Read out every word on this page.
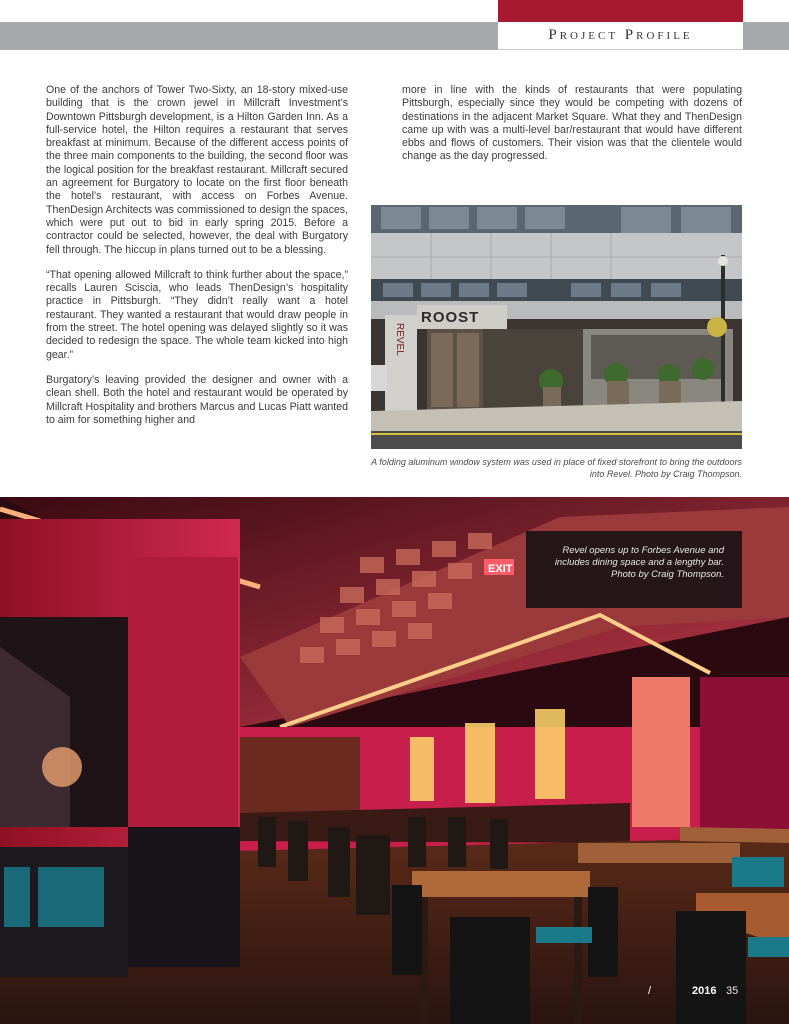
Project Profile

One of the anchors of Tower Two-Sixty, an 18-story mixed-use building that is the crown jewel in Millcraft Investment’s Downtown Pittsburgh development, is a Hilton Garden Inn. As a full-service hotel, the Hilton requires a restaurant that serves breakfast at minimum. Because of the different access points of the three main components to the building, the second floor was the logical position for the breakfast restaurant. Millcraft secured an agreement for Burgatory to locate on the first floor beneath the hotel’s restaurant, with access on Forbes Avenue. ThenDesign Architects was commissioned to design the spaces, which were put out to bid in early spring 2015. Before a contractor could be selected, however, the deal with Burgatory fell through. The hiccup in plans turned out to be a blessing.

“That opening allowed Millcraft to think further about the space,” recalls Lauren Sciscia, who leads ThenDesign’s hospitality practice in Pittsburgh. “They didn’t really want a hotel restaurant. They wanted a restaurant that would draw people in from the street. The hotel opening was delayed slightly so it was decided to redesign the space. The whole team kicked into high gear.”

Burgatory’s leaving provided the designer and owner with a clean shell. Both the hotel and restaurant would be operated by Millcraft Hospitality and brothers Marcus and Lucas Piatt wanted to aim for something higher and

more in line with the kinds of restaurants that were populating Pittsburgh, especially since they would be competing with dozens of destinations in the adjacent Market Square. What they and ThenDesign came up with was a multi-level bar/restaurant that would have different ebbs and flows of customers. Their vision was that the clientele would change as the day progressed.

REVEL
ROOST
A folding aluminum window system was used in place of fixed storefront to bring the outdoors into Revel. Photo by Craig Thompson.
EXIT
Revel opens up to Forbes Avenue and includes dining space and a lengthy bar. Photo by Craig Thompson.
/	2016 35
